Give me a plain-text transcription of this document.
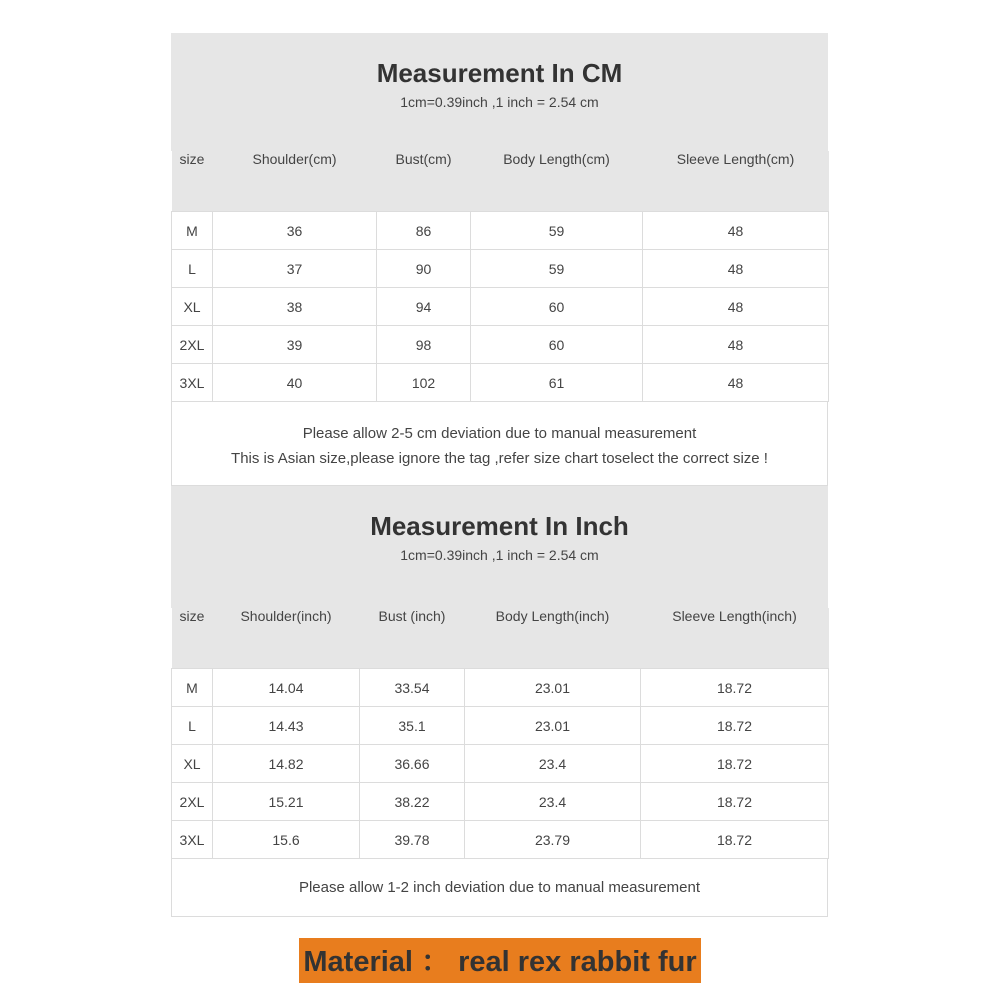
Measurement In CM
1cm=0.39inch ,1 inch = 2.54 cm
size	Shoulder(cm)	Bust(cm)	Body Length(cm)	Sleeve Length(cm)
M	36	86	59	48
L	37	90	59	48
XL	38	94	60	48
2XL	39	98	60	48
3XL	40	102	61	48
Please allow 2-5 cm deviation due to manual measurement
This is Asian size,please ignore the tag ,refer size chart toselect the correct size !
Measurement In Inch
1cm=0.39inch ,1 inch = 2.54 cm
size	Shoulder(inch)	Bust (inch)	Body Length(inch)	Sleeve Length(inch)
M	14.04	33.54	23.01	18.72
L	14.43	35.1	23.01	18.72
XL	14.82	36.66	23.4	18.72
2XL	15.21	38.22	23.4	18.72
3XL	15.6	39.78	23.79	18.72
Please allow 1-2 inch deviation due to manual measurement
Material ： real rex rabbit fur
